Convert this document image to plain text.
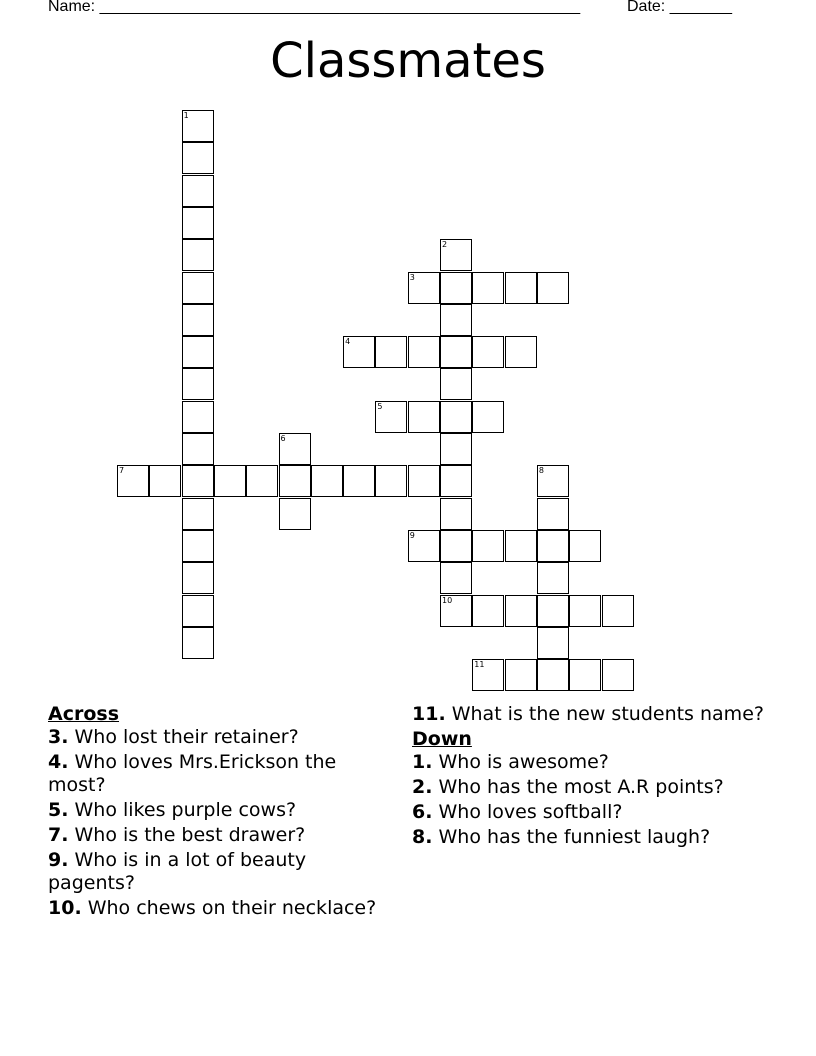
Name: ______________________________________________________	Date: _______
Classmates
1
2
3
4
5
6
7	8
9
10
11

Across

3. Who lost their retainer?

4. Who loves Mrs.Erickson the most?

5. Who likes purple cows?

7. Who is the best drawer?

9. Who is in a lot of beauty pagents?

10. Who chews on their necklace?

11. What is the new students name?

Down

1. Who is awesome?

2. Who has the most A.R points?

6. Who loves softball?

8. Who has the funniest laugh?
